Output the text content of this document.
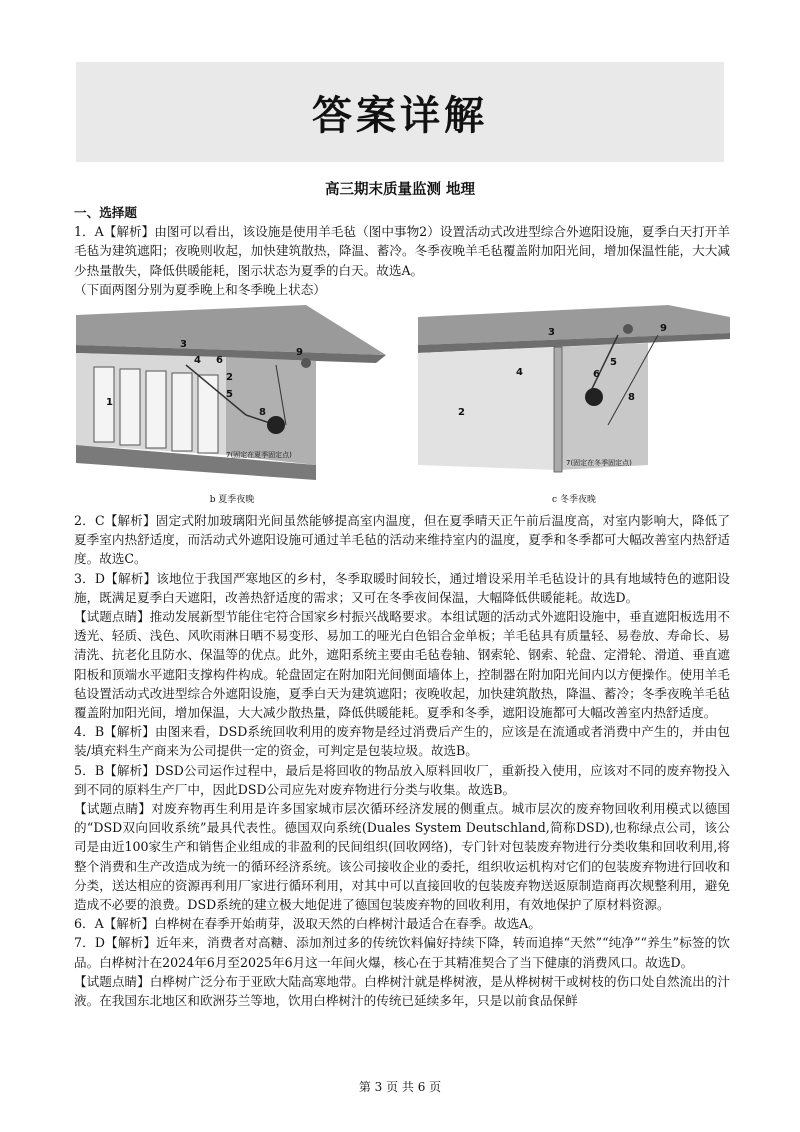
答案详解
高三期末质量监测 地理

一、选择题

1．A【解析】由图可以看出，该设施是使用羊毛毡（图中事物2）设置活动式改进型综合外遮阳设施，夏季白天打开羊毛毡为建筑遮阳；夜晚则收起，加快建筑散热，降温、蓄冷。冬季夜晚羊毛毡覆盖附加阳光间，增加保温性能，大大减少热量散失，降低供暖能耗，图示状态为夏季的白天。故选A。

（下面两图分别为夏季晚上和冬季晚上状态）

1
2
3
4
5
6
8
9
7(固定在夏季固定点)
b 夏季夜晚
2
3
4
5
6
8
9
7(固定在冬季固定点)
c 冬季夜晚

2．C【解析】固定式附加玻璃阳光间虽然能够提高室内温度，但在夏季晴天正午前后温度高，对室内影响大，降低了夏季室内热舒适度，而活动式外遮阳设施可通过羊毛毡的活动来维持室内的温度，夏季和冬季都可大幅改善室内热舒适度。故选C。

3．D【解析】该地位于我国严寒地区的乡村，冬季取暖时间较长，通过增设采用羊毛毡设计的具有地域特色的遮阳设施，既满足夏季白天遮阳，改善热舒适度的需求；又可在冬季夜间保温，大幅降低供暖能耗。故选D。

【试题点睛】推动发展新型节能住宅符合国家乡村振兴战略要求。本组试题的活动式外遮阳设施中，垂直遮阳板选用不透光、轻质、浅色、风吹雨淋日晒不易变形、易加工的哑光白色铝合金单板；羊毛毡具有质量轻、易卷放、寿命长、易清洗、抗老化且防水、保温等的优点。此外，遮阳系统主要由毛毡卷轴、钢索轮、钢索、轮盘、定滑轮、滑道、垂直遮阳板和顶端水平遮阳支撑构件构成。轮盘固定在附加阳光间侧面墙体上，控制器在附加阳光间内以方便操作。使用羊毛毡设置活动式改进型综合外遮阳设施，夏季白天为建筑遮阳；夜晚收起，加快建筑散热，降温、蓄冷；冬季夜晚羊毛毡覆盖附加阳光间，增加保温，大大减少散热量，降低供暖能耗。夏季和冬季，遮阳设施都可大幅改善室内热舒适度。

4．B【解析】由图来看，DSD系统回收利用的废弃物是经过消费后产生的，应该是在流通或者消费中产生的，并由包装/填充料生产商来为公司提供一定的资金，可判定是包装垃圾。故选B。

5．B【解析】DSD公司运作过程中，最后是将回收的物品放入原料回收厂，重新投入使用，应该对不同的废弃物投入到不同的原料生产厂中，因此DSD公司应先对废弃物进行分类与收集。故选B。

【试题点睛】对废弃物再生利用是许多国家城市层次循环经济发展的侧重点。城市层次的废弃物回收利用模式以德国的“DSD双向回收系统”最具代表性。德国双向系统(Duales System Deutschland,简称DSD),也称绿点公司，该公司是由近100家生产和销售企业组成的非盈利的民间组织(回收网络)，专门针对包装废弃物进行分类收集和回收利用,将整个消费和生产改造成为统一的循环经济系统。该公司接收企业的委托，组织收运机构对它们的包装废弃物进行回收和分类，送达相应的资源再利用厂家进行循环利用，对其中可以直接回收的包装废弃物送返原制造商再次规整利用，避免造成不必要的浪费。DSD系统的建立极大地促进了德国包装废弃物的回收利用，有效地保护了原材料资源。

6．A【解析】白桦树在春季开始萌芽，汲取天然的白桦树汁最适合在春季。故选A。

7．D【解析】近年来，消费者对高糖、添加剂过多的传统饮料偏好持续下降，转而追捧“天然”“纯净”“养生”标签的饮品。白桦树汁在2024年6月至2025年6月这一年间火爆，核心在于其精准契合了当下健康的消费风口。故选D。

【试题点睛】白桦树广泛分布于亚欧大陆高寒地带。白桦树汁就是桦树液，是从桦树树干或树枝的伤口处自然流出的汁液。在我国东北地区和欧洲芬兰等地，饮用白桦树汁的传统已延续多年，只是以前食品保鲜

第 3 页 共 6 页
